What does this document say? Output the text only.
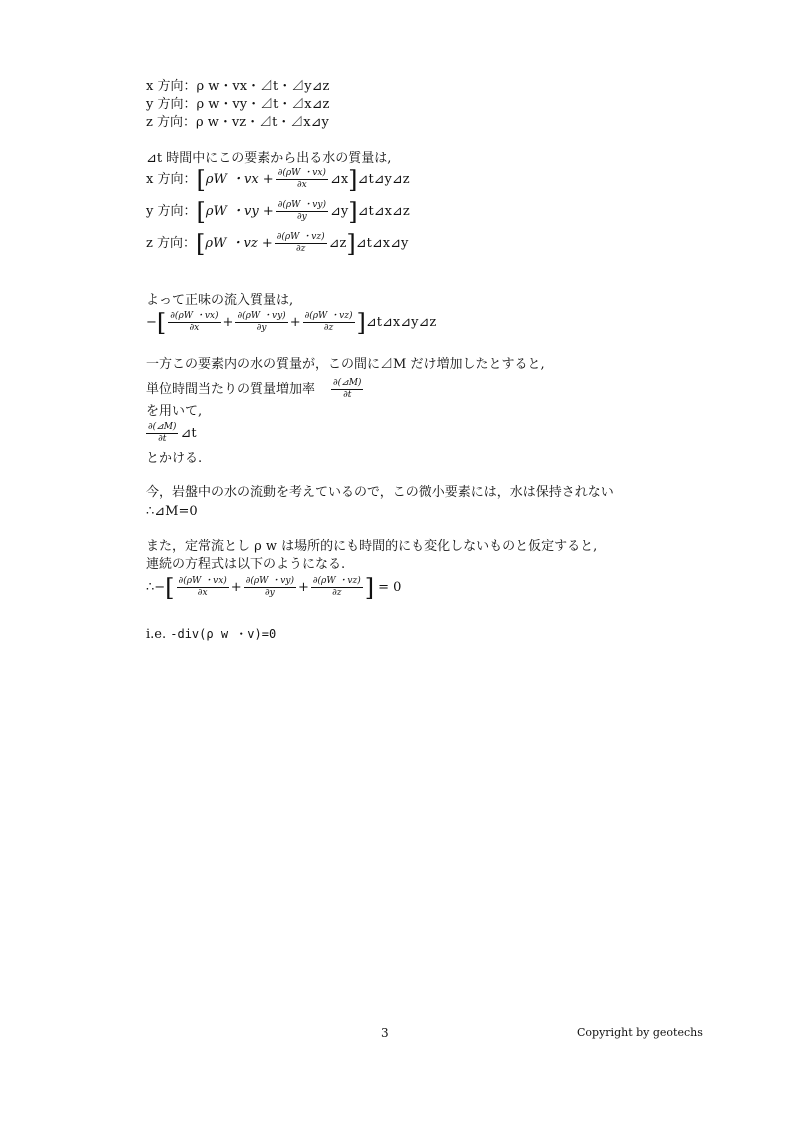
x 方向：ρ w・vx・⊿t・⊿y⊿z
y 方向：ρ w・vy・⊿t・⊿x⊿z
z 方向：ρ w・vz・⊿t・⊿x⊿y
⊿t 時間中にこの要素から出る水の質量は,
x 方向： [ ρW ・vx + $\frac{\partial(\rho W ・vx)}{\partial x}$ ⊿x ] ⊿t⊿y⊿z
y 方向： [ ρW ・vy + $\frac{\partial(\rho W ・vy)}{\partial y}$ ⊿y ] ⊿t⊿x⊿z
z 方向： [ ρW ・vz + $\frac{\partial(\rho W ・vz)}{\partial z}$ ⊿z ] ⊿t⊿x⊿y
よって正味の流入質量は,
− [ $\frac{\partial(\rho W ・vx)}{\partial x} + \frac{\partial(\rho W ・vy)}{\partial y} + \frac{\partial(\rho W ・vz)}{\partial z}$ ] ⊿t⊿x⊿y⊿z
一方この要素内の水の質量が，この間に⊿M だけ増加したとすると,
単位時間当たりの質量増加率 $\frac{\partial(⊿M)}{\partial t}$
を用いて,
$\frac{\partial(⊿M)}{\partial t}$ ⊿t
とかける.
今，岩盤中の水の流動を考えているので，この微小要素には，水は保持されない
∴⊿M=0
また，定常流とし ρ w は場所的にも時間的にも変化しないものと仮定すると,
連続の方程式は以下のようになる.
∴− [ $\frac{\partial(\rho W ・vx)}{\partial x} + \frac{\partial(\rho W ・vy)}{\partial y} + \frac{\partial(\rho W ・vz)}{\partial z}$ ] = 0
i.e. -div(ρ w ・v)=0
3	Copyright by geotechs
